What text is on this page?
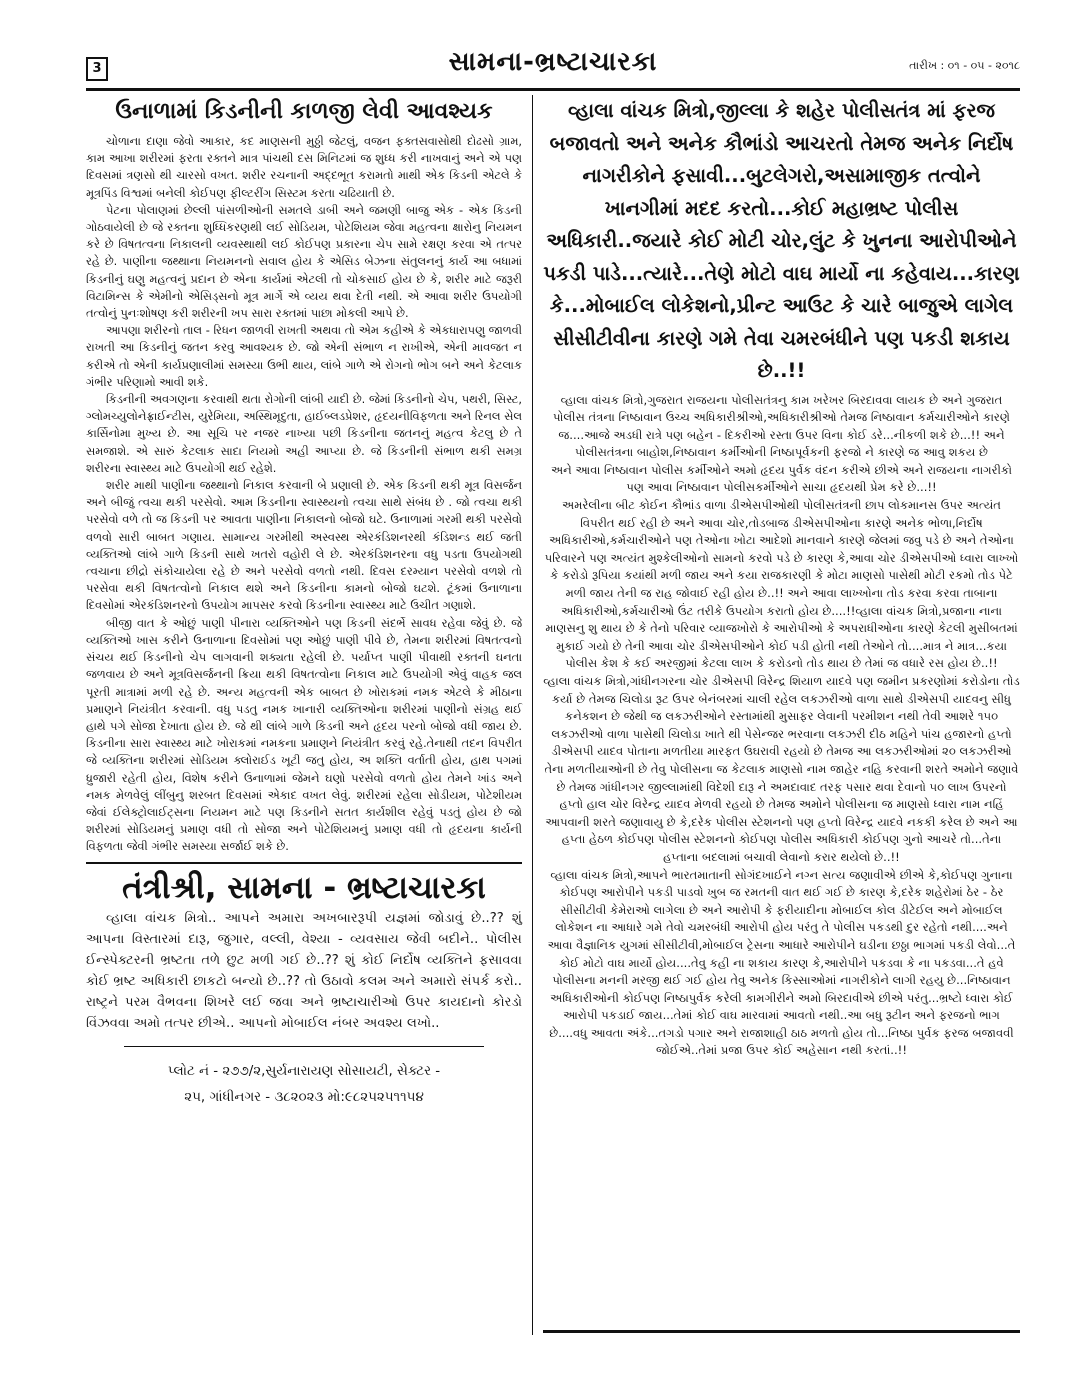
3	સામના-ભ્રષ્ટાચારકા	તારીખ : ૦૧ - ૦૫ - ૨૦૧૮
ઉનાળામાં કિડનીની કાળજી લેવી આવશ્યક

ચોળાના દાણા જેવો આકાર, કદ માણસની મુઠ્ઠી જેટલું, વજન ફક્તસવાસોથી દોઢસો ગ્રામ, કામ આખા શરીરમાં ફરતા રક્તને માત્ર પાંચથી દસ મિનિટમાં જ શુધ્ધ કરી નાખવાનું અને એ પણ દિવસમાં ત્રણસો થી ચારસો વખત. શરીર રચનાની અદ્દભૂત કરામતો માથી એક કિડની એટલે કે મૂત્રપિંડ વિશ્વમાં બનેલી કોઈપણ ફીલ્ટરીંગ સિસ્ટમ કરતા ચઢિયાતી છે.

પેટના પોલાણમાં છેલ્લી પાંસળીઓની સમતલે ડાબી અને જમણી બાજુ એક - એક કિડની ગોઠવાયેલી છે જે રક્તના શુધ્ધિકરણથી લઈ સોડિયમ, પોટેશિયમ જેવા મહત્વના ક્ષારોનુ નિયમન કરે છે વિષતત્વના નિકાલની વ્યવસ્થાથી લઈ કોઈપણ પ્રકારના ચેપ સામે રક્ષણ કરવા એ તત્પર રહે છે. પાણીના જથ્થાના નિયમનનો સવાલ હોય કે એસિડ બેઝના સંતુલનનું કાર્ય આ બધામાં કિડનીનું ઘણુ મહત્વનું પ્રદાન છે એના કાર્યમાં એટલી તો ચોકસાઈ હોય છે કે, શરીર માટે જરૂરી વિટામિન્સ કે એમીનો એસિડ્સનો મૂત્ર માર્ગે એ વ્યય થવા દેતી નથી. એ આવા શરીર ઉપયોગી તત્વોનું પુનઃશોષણ કરી શરીરની ખપ સારા રક્તમાં પાછા મોકલી આપે છે.

આપણા શરીરનો તાલ - રિધન જાળવી રાખતી અથવા તો એમ કહીએ કે એકધારાપણુ જાળવી રાખતી આ કિડનીનું જતન કરવુ આવશ્યક છે. જો એની સંભાળ ન રાખીએ, એની માવજત ન કરીએ તો એની કાર્યપ્રણાલીમાં સમસ્યા ઉભી થાય, લાંબે ગાળે એ રોગનો ભોગ બને અને કેટલાક ગંભીર પરિણામો આવી શકે.

કિડનીની અવગણના કરવાથી થતા રોગોની લાંબી યાદી છે. જેમાં કિડનીનો ચેપ, પથરી, સિસ્ટ, ગ્લોમચ્યુલોનેફ્રાઈન્ટીસ, યુરેમિયા, અસ્થિમૃદુતા, હાઈબ્લડપ્રેશર, હૃદયનીવિફળતા અને રિનલ સેલ કાર્સિનોમા મુખ્ય છે. આ સૂચિ પર નજર નાખ્યા પછી કિડનીના જતનનું મહત્વ કેટલુ છે તે સમજાશે. એ સારું કેટલાક સાદા નિયમો અહી આપ્યા છે. જે કિડનીની સંભાળ થકી સમગ્ર શરીરના સ્વાસ્થ્ય માટે ઉપયોગી થઈ રહેશે.

શરીર માથી પાણીના જથ્થાનો નિકાલ કરવાની બે પ્રણાલી છે. એક કિડની થકી મૂત્ર વિસર્જન અને બીજું ત્વચા થકી પરસેવો. આમ કિડનીના સ્વાસ્થ્યનો ત્વચા સાથે સંબંધ છે . જો ત્વચા થકી પરસેવો વળે તો જ કિડની પર આવતા પાણીના નિકાલનો બોજો ઘટે. ઉનાળામાં ગરમી થકી પરસેવો વળવો સારી બાબત ગણાય. સામાન્ય ગરમીથી અસ્વસ્થ એરકંડિશનરથી કંડિશન્ડ થઈ જતી વ્યક્તિઓ લાંબે ગાળે કિડની સાથે ખતરો વહોરી લે છે. એરકંડિશનરના વધુ પડતા ઉપયોગથી ત્વચાના છીદ્રો સંકોચાયેલા રહે છે અને પરસેવો વળતો નથી. દિવસ દરમ્યાન પરસેવો વળશે તો પરસેવા થકી વિષતત્વોનો નિકાલ થશે અને કિડનીના કામનો બોજો ઘટશે. ટૂંકમાં ઉનાળાના દિવસોમાં એરકંડિશનરનો ઉપયોગ માપસર કરવો કિડનીના સ્વાસ્થ્ય માટે ઉચીત ગણાશે.

બીજી વાત કે ઓછું પાણી પીનારા વ્યક્તિઓને પણ કિડની સંદર્ભે સાવધ રહેવા જેવું છે. જે વ્યક્તિઓ ખાસ કરીને ઉનાળાના દિવસોમાં પણ ઓછું પાણી પીવે છે, તેમના શરીરમાં વિષતત્વનો સંચય થઈ કિડનીનો ચેપ લાગવાની શક્યતા રહેલી છે. પર્યાપ્ત પાણી પીવાથી રક્તની ઘનતા જળવાય છે અને મૂત્રવિસર્જનની ક્રિયા થકી વિષતત્વોના નિકાલ માટે ઉપયોગી એવું વાહક જલ પૂરતી માત્રામાં મળી રહે છે. અન્ય મહત્વની એક બાબત છે ખોરાકમાં નમક એટલે કે મીઠાના પ્રમાણને નિયંત્રીત કરવાની. વધુ પડતુ નમક ખાનારી વ્યક્તિઓના શરીરમાં પાણીનો સંગ્રહ થઈ હાથે પગે સોજા દેખાતા હોય છે. જે થી લાંબે ગાળે કિડની અને હૃદય પરનો બોજો વધી જાય છે. કિડનીના સારા સ્વાસ્થ્ય માટે ખોરાકમાં નમકના પ્રમાણને નિયંત્રીત કરવું રહે.તેનાથી તદન વિપરીત જે વ્યક્તિના શરીરમાં સોડિયમ ક્લોરાઈડ ખૂટી જતુ હોય, અ શક્તિ વર્તાતી હોય, હાથ પગમાં ધ્રુજારી રહેતી હોય, વિશેષ કરીને ઉનાળામાં જેમને ઘણો પરસેવો વળતો હોય તેમને ખાંડ અને નમક મેળવેલું લીંબુનુ શરબત દિવસમાં એકાદ વખત લેવું. શરીરમાં રહેલા સોડીયમ, પોટેશીયમ જેવાં ઈલેક્ટ્રોલાઈટ્સના નિયમન માટે પણ કિડનીને સતત કાર્યશીલ રહેવું પડતું હોય છે જો શરીરમાં સોડિયમનું પ્રમાણ વધી તો સોજા અને પોટેશિયમનું પ્રમાણ વધી તો હૃદયના કાર્યની વિફળતા જેવી ગંભીર સમસ્યા સર્જાઈ શકે છે.

તંત્રીશ્રી, સામના - ભ્રષ્ટાચારકા

વ્હાલા વાંચક મિત્રો.. આપને અમારા અખબારરૂપી યજ્ઞમાં જોડાવું છે..?? શું આપના વિસ્તારમાં દારૂ, જુગાર, વલ્લી, વેશ્યા - વ્યવસાય જેવી બદીને.. પોલીસ ઈન્સ્પેક્ટરની ભ્રષ્ટતા તળે છુટ મળી ગઈ છે..?? શું કોઈ નિર્દોષ વ્યક્તિને ફસાવવા કોઈ ભ્રષ્ટ અધિકારી છાકટો બન્યો છે..?? તો ઉઠાવો કલમ અને અમારો સંપર્ક કરો.. રાષ્ટ્રને પરમ વૈભવના શિખરે લઈ જવા અને ભ્રષ્ટાચારીઓ ઉપર કાયદાનો કોરડો વિંઝવવા અમો તત્પર છીએ.. આપનો મોબાઈલ નંબર અવશ્ય લખો..

પ્લોટ નં - ૨૭૭/૨,સુર્યનારાયણ સોસાયટી, સેક્ટર -
૨૫, ગાંધીનગર - ૩૮૨૦૨૩ મો:૯૮૨૫૨૫૧૧૫૪
વ્હાલા વાંચક મિત્રો,જીલ્લા કે શહેર પોલીસતંત્ર માં ફરજ બજાવતો અને અનેક કૌભાંડો આચરતો તેમજ અનેક નિર્દોષ નાગરીકોને ફસાવી...બુટલેગરો,અસામાજીક તત્વોને ખાનગીમાં મદદ કરતો...કોઈ મહાભ્રષ્ટ પોલીસ અધિકારી..જયારે કોઈ મોટી ચોર,લુંટ કે ખુનના આરોપીઓને પકડી પાડે...ત્યારે...તેણે મોટો વાઘ માર્યો ના કહેવાય...કારણ કે...મોબાઈલ લોકેશનો,પ્રીન્ટ આઉટ કે ચારે બાજુએ લાગેલ સીસીટીવીના કારણે ગમે તેવા ચમરબંધીને પણ પકડી શકાય છે..!!

વ્હાલા વાંચક મિત્રો,ગુજરાત રાજયના પોલીસતંત્રનુ કામ ખરેખર બિરદાવવા લાયક છે અને ગુજરાત પોલીસ તંત્રના નિષ્ઠાવાન ઉચ્ચ અધિકારીશ્રીઓ,અધિકારીશ્રીઓ તેમજ નિષ્ઠાવાન કર્મચારીઓને કારણે જ....આજે અડધી રાત્રે પણ બહેન - દિકરીઓ રસ્તા ઉપર વિના કોઈ ડરે...નીકળી શકે છે...!! અને પોલીસતંત્રના બાહોશ,નિષ્ઠાવાન કર્મીઓની નિષ્ઠાપૂર્વકની ફરજો ને કારણે જ આવુ શકય છે

અને આવા નિષ્ઠાવાન પોલીસ કર્મીઓને અમો હૃદય પુર્વક વંદન કરીએ છીએ અને રાજયના નાગરીકો પણ આવા નિષ્ઠાવાન પોલીસકર્મીઓને સાચા હૃદયથી પ્રેમ કરે છે...!!

અમરેલીના બીટ કોઈન કૌભાંડ વાળા ડીએસપીઓથી પોલીસતંત્રની છાપ લોકમાનસ ઉપર અત્યંત વિપરીત થઈ રહી છે અને આવા ચોર,તોડબાજ ડીએસપીઓના કારણે અનેક ભોળા,નિર્દોષ અધિકારીઓ,કર્મચારીઓને પણ તેઓના ખોટા આદેશો માનવાને કારણે જેલમાં જવુ પડે છે અને તેઓના પરિવારને પણ અત્યંત મુશ્કેલીઓનો સામનો કરવો પડે છે કારણ કે,આવા ચોર ડીએસપીઓ ધ્વારા લાખ્ખો કે કરોડો રૂપિયા કયાંથી મળી જાય અને કયા રાજકારણી કે મોટા માણસો પાસેથી મોટી રકમો તોડ પેટે મળી જાય તેની જ રાહ જોવાઈ રહી હોય છે..!! અને આવા લાખ્ખોના તોડ કરવા કરવા તાબાના અધિકારીઓ,કર્મચારીઓ ઉંટ તરીકે ઉપયોગ કરાતો હોય છે....!!વ્હાલા વાંચક મિત્રો,પ્રજાના નાના માણસનુ શુ થાય છે કે તેનો પરિવાર વ્યાજખોરો કે આરોપીઓ કે અપરાધીઓના કારણે કેટલી મુસીબતમાં મુકાઈ ગયો છે તેની આવા ચોર ડીએસપીઓને કોઈ પડી હોતી નથી તેઓને તો....માત્ર ને માત્ર...કયા પોલીસ કેશ કે કઈ અરજીમાં કેટલા લાખ કે કરોડનો તોડ થાય છે તેમાં જ વધારે રસ હોય છે..!!

વ્હાલા વાંચક મિત્રો,ગાંધીનગરના ચોર ડીએસપી વિરેન્દ્ર શિયાળ યાદવે પણ જમીન પ્રકરણોમાં કરોડોના તોડ કર્યા છે તેમજ ચિલોડા રૂટ ઉપર બેનંબરમાં ચાલી રહેલ લકઝરીઓ વાળા સાથે ડીએસપી યાદવનુ સીધુ કનેકશન છે જેથી જ લકઝરીઓને રસ્તામાંથી મુસાફર લેવાની પરમીશન નથી તેવી આશરે ૧૫૦ લકઝરીઓ વાળા પાસેથી ચિલોડા ખાતે થી પેસેન્જર ભરવાના લકઝરી દીઠ મહિને પાંચ હજારનો હપ્તો ડીએસપી યાદવ પોતાના મળતીયા મારફત ઉઘરાવી રહયો છે તેમજ આ લકઝરીઓમાં ૨૦ લકઝરીઓ તેના મળતીયાઓની છે તેવુ પોલીસના જ કેટલાક માણસો નામ જાહેર નહિ કરવાની શરતે અમોને જણાવે છે તેમજ ગાંધીનગર જીલ્લામાંથી વિદેશી દારૂ ને અમદાવાદ તરફ પસાર થવા દેવાનો ૫૦ લાખ ઉપરનો હપ્તો હાલ ચોર વિરેન્દ્ર યાદવ મેળવી રહયો છે તેમજ અમોને પોલીસના જ માણસો ધ્વારા નામ નહિં આપવાની શરતે જણાવાયુ છે કે,દરેક પોલીસ સ્ટેશનનો પણ હપ્તો વિરેન્દ્ર યાદવે નકકી કરેલ છે અને આ હપ્તા હેઠળ કોઈપણ પોલીસ સ્ટેશનનો કોઈપણ પોલીસ અધિકારી કોઈપણ ગુનો આચરે તો...તેના હપ્તાના બદલામાં બચાવી લેવાનો કરાર થયેલો છે..!!

વ્હાલા વાંચક મિત્રો,આપને ભારતમાતાની સોગંદખાઈને નગ્ન સત્ય જણાવીએ છીએ કે,કોઈપણ ગુનાના કોઈપણ આરોપીને પકડી પાડવો ખુબ જ રમતની વાત થઈ ગઈ છે કારણ કે,દરેક શહેરોમાં ઠેર - ઠેર સીસીટીવી કેમેરાઓ લાગેલા છે અને આરોપી કે ફરીયાદીના મોબાઈલ કોલ ડીટેઈલ અને મોબાઈલ લોકેશન ના આધારે ગમે તેવો ચમરબંધી આરોપી હોય પરંતુ તે પોલીસ પકડથી દુર રહેતો નથી....અને આવા વૈજ્ઞાનિક યુગમાં સીસીટીવી,મોબાઈલ ટ્રેસના આધારે આરોપીને ઘડીના છઠ્ઠા ભાગમાં પકડી લેવો...તે કોઈ મોટો વાઘ માર્યો હોય....તેવુ કહી ના શકાય કારણ કે,આરોપીને પકડવા કે ના પકડવા...તે હવે પોલીસના મનની મરજી થઈ ગઈ હોય તેવુ અનેક કિસ્સાઓમાં નાગરીકોને લાગી રહયુ છે...નિષ્ઠાવાન અધિકારીઓની કોઈપણ નિષ્ઠાપુર્વક કરેલી કામગીરીને અમો બિરદાવીએ છીએ પરંતુ...ભ્રષ્ટો ધ્વારા કોઈ આરોપી પકડાઈ જાય...તેમાં કોઈ વાઘ મારવામાં આવતો નથી..આ બધુ રૂટીન અને ફરજનો ભાગ છે....વધુ આવતા અંકે...તગડો પગાર અને રાજાશાહી ઠાઠ મળતો હોય તો...નિષ્ઠા પુર્વક ફરજ બજાવવી જોઈએ..તેમાં પ્રજા ઉપર કોઈ અહેસાન નથી કરતાં..!!
